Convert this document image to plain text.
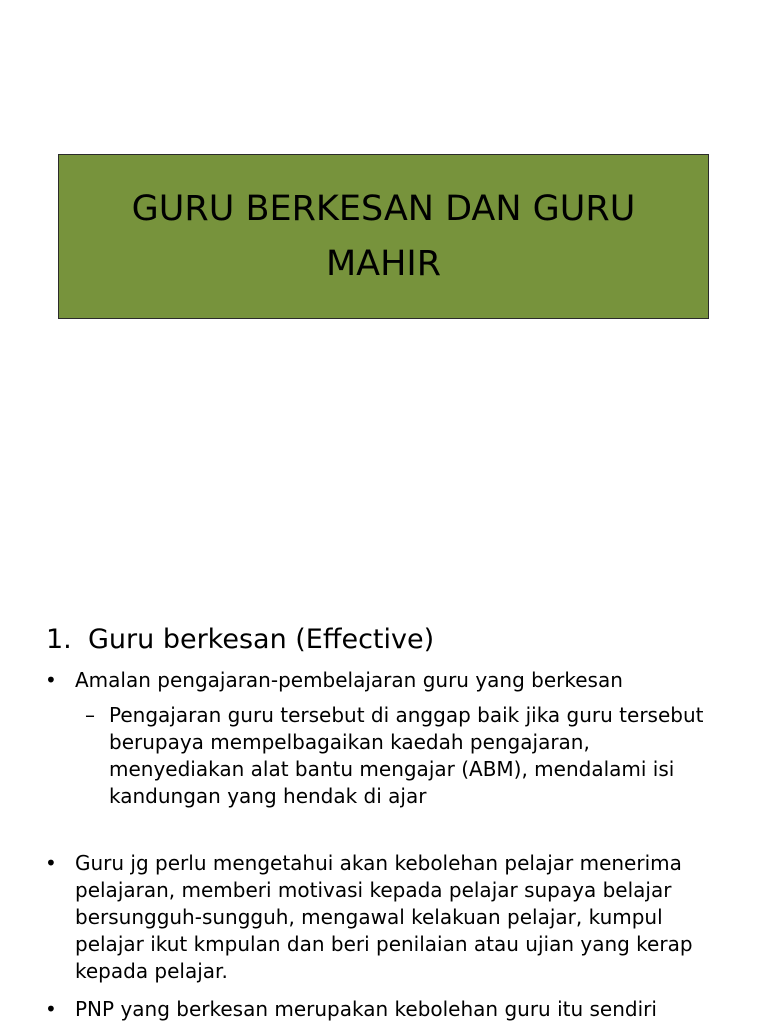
GURU BERKESAN DAN GURU MAHIR
1. Guru berkesan (Effective)
• Amalan pengajaran-pembelajaran guru yang berkesan
– Pengajaran guru tersebut di anggap baik jika guru tersebut
berupaya mempelbagaikan kaedah pengajaran,
menyediakan alat bantu mengajar (ABM), mendalami isi
kandungan yang hendak di ajar
• Guru jg perlu mengetahui akan kebolehan pelajar menerima
pelajaran, memberi motivasi kepada pelajar supaya belajar
bersungguh-sungguh, mengawal kelakuan pelajar, kumpul
pelajar ikut kmpulan dan beri penilaian atau ujian yang kerap
kepada pelajar.
• PNP yang berkesan merupakan kebolehan guru itu sendiri
